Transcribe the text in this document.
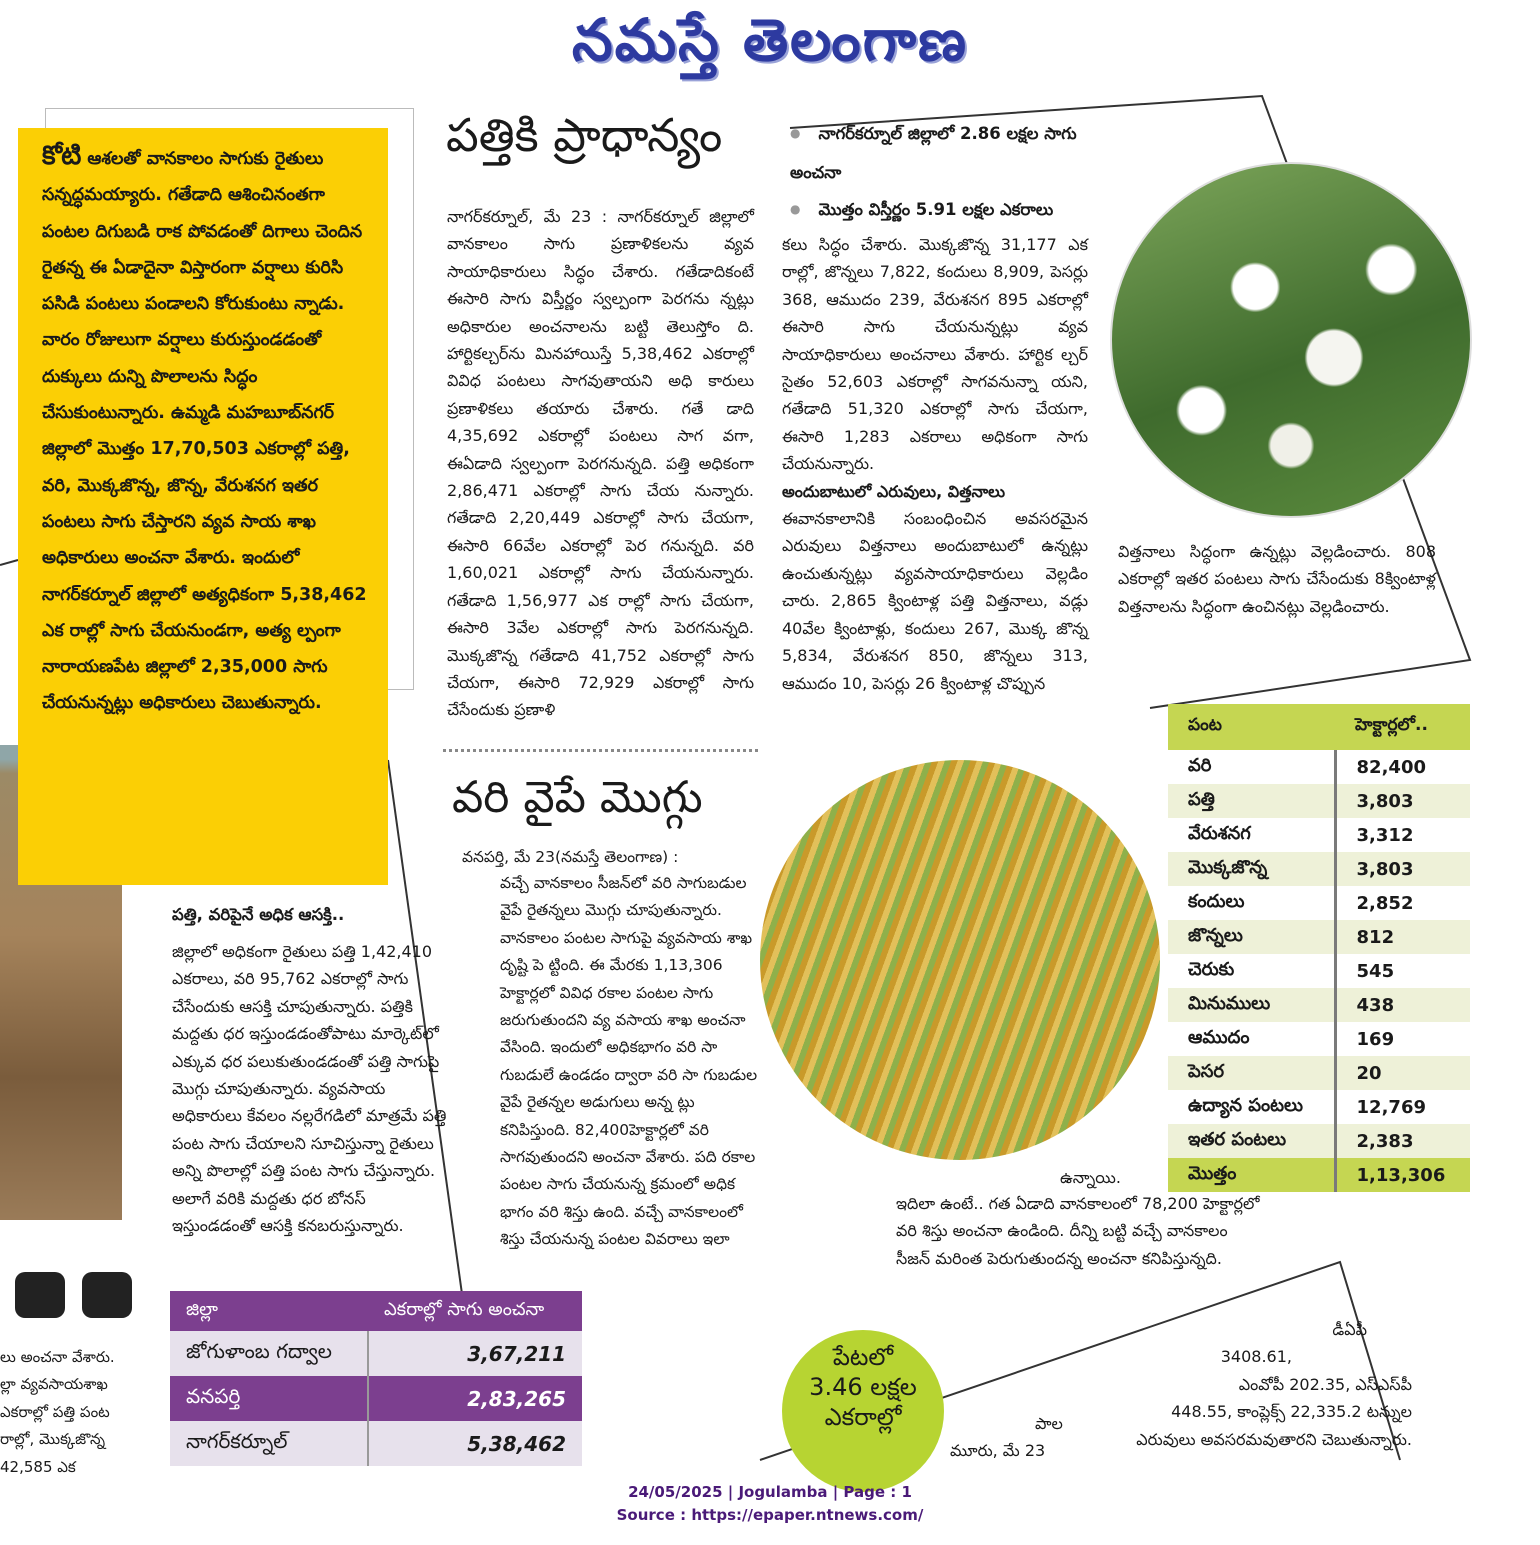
నమస్తే తెలంగాణ
కోటి ఆశలతో వానకాలం సాగుకు రైతులు సన్నద్ధమయ్యారు. గతేడాది ఆశించినంతగా పంటల దిగుబడి రాక పోవడంతో దిగాలు చెందిన రైతన్న ఈ ఏడాదైనా విస్తారంగా వర్షాలు కురిసి పసిడి పంటలు పండాలని కోరుకుంటు న్నాడు. వారం రోజులుగా వర్షాలు కురుస్తుండడంతో దుక్కులు దున్ని పొలాలను సిద్ధం చేసుకుంటున్నారు. ఉమ్మడి మహబూబ్‌నగర్ జిల్లాలో మొత్తం 17,70,503 ఎకరాల్లో పత్తి, వరి, మొక్కజొన్న, జొన్న, వేరుశనగ ఇతర పంటలు సాగు చేస్తారని వ్యవ సాయ శాఖ అధికారులు అంచనా వేశారు. ఇందులో నాగర్‌కర్నూల్ జిల్లాలో అత్యధికంగా 5,38,462 ఎక రాల్లో సాగు చేయనుండగా, అత్య ల్పంగా నారాయణపేట జిల్లాలో 2,35,000 సాగు చేయనున్నట్లు అధికారులు చెబుతున్నారు.
పత్తికి ప్రాధాన్యం	● నాగర్‌కర్నూల్ జిల్లాలో 2.86 లక్షల సాగు అంచనా
● మొత్తం విస్తీర్ణం 5.91 లక్షల ఎకరాలు
నాగర్‌కర్నూల్, మే 23 : నాగర్‌కర్నూల్ జిల్లాలో వానకాలం సాగు ప్రణాళికలను వ్యవ సాయాధికారులు సిద్ధం చేశారు. గతేడాదికంటే ఈసారి సాగు విస్తీర్ణం స్వల్పంగా పెరగను న్నట్లు అధికారుల అంచనాలను బట్టి తెలుస్తోం ది. హార్టికల్చర్‌ను మినహాయిస్తే 5,38,462 ఎకరాల్లో వివిధ పంటలు సాగవుతాయని అధి కారులు ప్రణాళికలు తయారు చేశారు. గతే డాది 4,35,692 ఎకరాల్లో పంటలు సాగ వగా, ఈఏడాది స్వల్పంగా పెరగనున్నది. పత్తి అధికంగా 2,86,471 ఎకరాల్లో సాగు చేయ నున్నారు. గతేడాది 2,20,449 ఎకరాల్లో సాగు చేయగా, ఈసారి 66వేల ఎకరాల్లో పెర గనున్నది. వరి 1,60,021 ఎకరాల్లో సాగు చేయనున్నారు. గతేడాది 1,56,977 ఎక రాల్లో సాగు చేయగా, ఈసారి 3వేల ఎకరాల్లో సాగు పెరగనున్నది. మొక్కజొన్న గతేడాది 41,752 ఎకరాల్లో సాగు చేయగా, ఈసారి 72,929 ఎకరాల్లో సాగు చేసేందుకు ప్రణాళి
కలు సిద్ధం చేశారు. మొక్కజొన్న 31,177 ఎక రాల్లో, జొన్నలు 7,822, కందులు 8,909, పెసర్లు 368, ఆముదం 239, వేరుశనగ 895 ఎకరాల్లో ఈసారి సాగు చేయనున్నట్లు వ్యవ సాయాధికారులు అంచనాలు వేశారు. హార్టిక ల్చర్ సైతం 52,603 ఎకరాల్లో సాగవనున్నా యని, గతేడాది 51,320 ఎకరాల్లో సాగు చేయగా, ఈసారి 1,283 ఎకరాలు అధికంగా సాగు చేయనున్నారు.
అందుబాటులో ఎరువులు, విత్తనాలు
ఈవానకాలానికి సంబంధించిన అవసరమైన ఎరువులు విత్తనాలు అందుబాటులో ఉన్నట్లు ఉంచుతున్నట్లు వ్యవసాయాధికారులు వెల్లడిం చారు. 2,865 క్వింటాళ్ల పత్తి విత్తనాలు, వడ్లు 40వేల క్వింటాళ్లు, కందులు 267, మొక్క జొన్న 5,834, వేరుశనగ 850, జొన్నలు 313, ఆముదం 10, పెసర్లు 26 క్వింటాళ్ల చొప్పున
విత్తనాలు సిద్ధంగా ఉన్నట్లు వెల్లడించారు. 808 ఎకరాల్లో ఇతర పంటలు సాగు చేసేందుకు 8క్వింటాళ్ల విత్తనాలను సిద్ధంగా ఉంచినట్లు వెల్లడించారు.
వరి వైపే మొగ్గు
వనపర్తి, మే 23(నమస్తే తెలంగాణ) :
వచ్చే వానకాలం సీజన్‌లో వరి సాగుబడుల వైపే రైతన్నలు మొగ్గు చూపుతున్నారు. వానకాలం పంటల సాగుపై వ్యవసాయ శాఖ దృష్టి పె ట్టింది. ఈ మేరకు 1,13,306 హెక్టార్లలో వివిధ రకాల పంటల సాగు జరుగుతుందని వ్య వసాయ శాఖ అంచనా వేసింది. ఇందులో అధికభాగం వరి సా గుబడులే ఉండడం ద్వారా వరి సా గుబడుల వైపే రైతన్నల అడుగులు అన్న ట్లు కనిపిస్తుంది. 82,400హెక్టార్లలో వరి సాగవుతుందని అంచనా వేశారు. పది రకాల పంటల సాగు చేయనున్న క్రమంలో అధిక భాగం వరి శిస్తు ఉంది. వచ్చే వానకాలంలో శిస్తు చేయనున్న పంటల వివరాలు ఇలా
ఉన్నాయి.
ఇదిలా ఉంటే.. గత ఏడాది వానకాలంలో 78,200 హెక్టార్లలో వరి శిస్తు అంచనా ఉండింది. దీన్ని బట్టి వచ్చే వానకాలం సీజన్ మరింత పెరుగుతుందన్న అంచనా కనిపిస్తున్నది.
పంట	హెక్టార్లలో..
వరి	82,400
పత్తి	3,803
వేరుశనగ	3,312
మొక్కజొన్న	3,803
కందులు	2,852
జొన్నలు	812
చెరుకు	545
మినుములు	438
ఆముదం	169
పెసర	20
ఉద్యాన పంటలు	12,769
ఇతర పంటలు	2,383
మొత్తం	1,13,306
పత్తి, వరిపైనే అధిక ఆసక్తి..
జిల్లాలో అధికంగా రైతులు పత్తి 1,42,410 ఎకరాలు, వరి 95,762 ఎకరాల్లో సాగు చేసేందుకు ఆసక్తి చూపుతున్నారు. పత్తికి మద్దతు ధర ఇస్తుండడంతోపాటు మార్కెట్‌లో ఎక్కువ ధర పలుకుతుండడంతో పత్తి సాగుపై మొగ్గు చూపుతున్నారు. వ్యవసాయ అధికారులు కేవలం నల్లరేగడిలో మాత్రమే పత్తి పంట సాగు చేయాలని సూచిస్తున్నా రైతులు అన్ని పొలాల్లో పత్తి పంట సాగు చేస్తున్నారు. అలాగే వరికి మద్దతు ధర బోనస్ ఇస్తుండడంతో ఆసక్తి కనబరుస్తున్నారు.
లు అంచనా వేశారు.
ల్లా వ్యవసాయశాఖ
ఎకరాల్లో పత్తి పంట
రాల్లో, మొక్కజొన్న
42,585 ఎక
జిల్లా	ఎకరాల్లో సాగు అంచనా
జోగుళాంబ గద్వాల	3,67,211
వనపర్తి	2,83,265
నాగర్‌కర్నూల్	5,38,462
పేటలో
3.46 లక్షల
ఎకరాల్లో	పాల
మూరు, మే 23
డీఏపీ
3408.61,
ఎంవోపీ 202.35, ఎస్ఎస్‌పీ
448.55, కాంప్లెక్స్ 22,335.2 టన్నుల
ఎరువులు అవసరమవుతారని చెబుతున్నారు.
24/05/2025 | Jogulamba | Page : 1
Source : https://epaper.ntnews.com/
